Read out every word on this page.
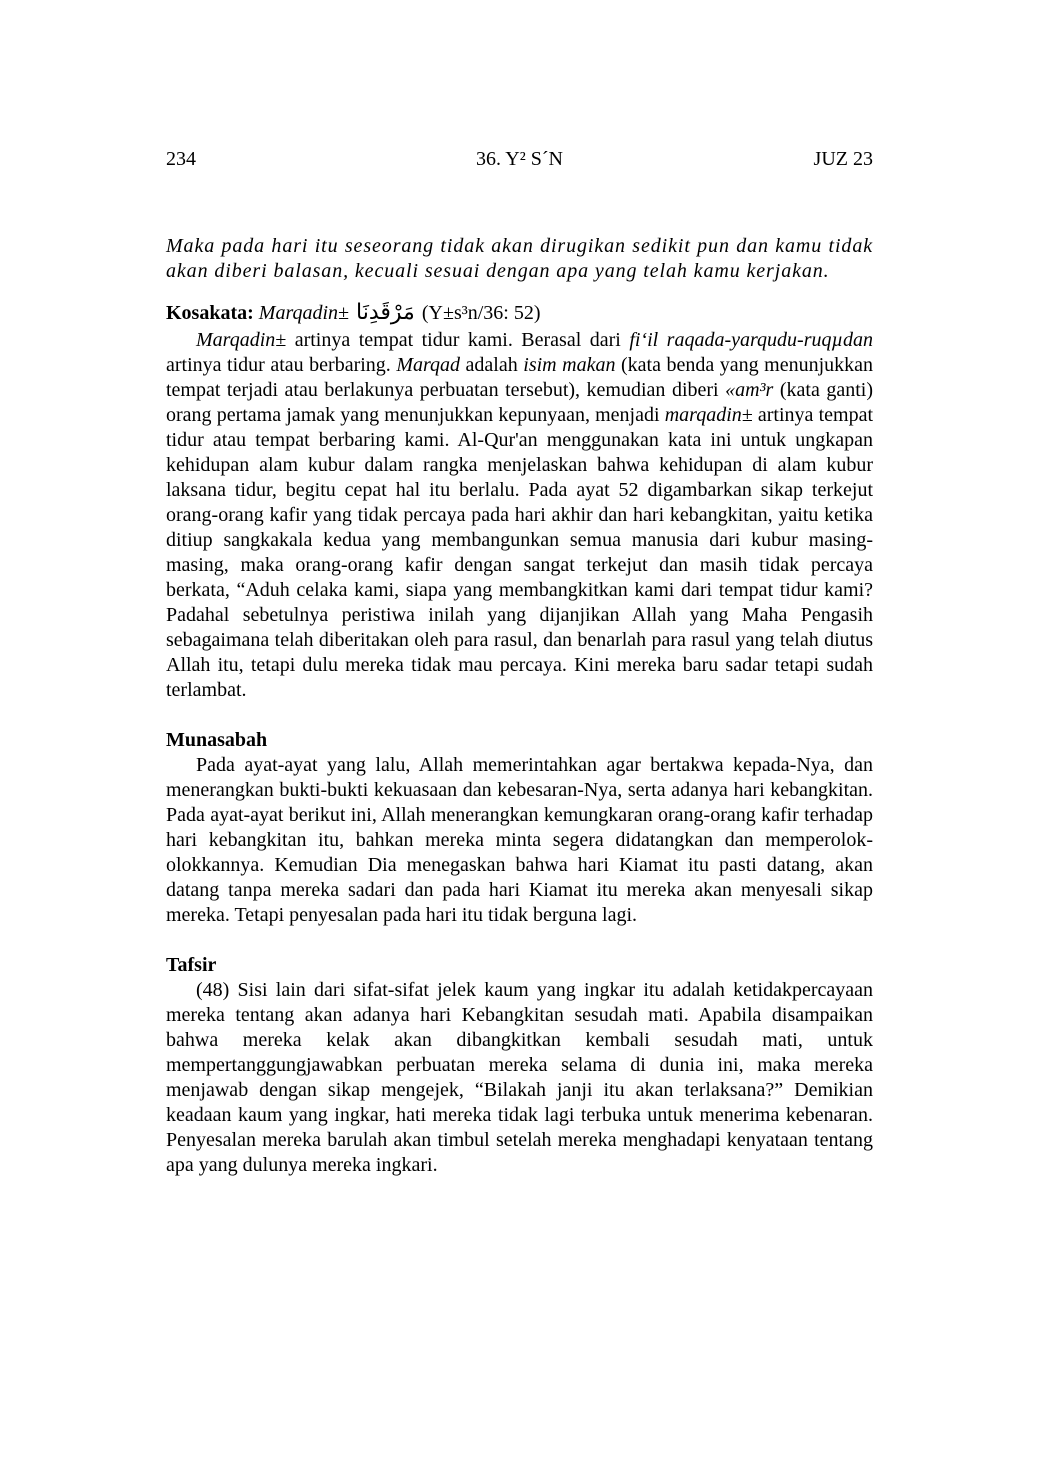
234	36. Y² S´N	JUZ 23

Maka pada hari itu seseorang tidak akan dirugikan sedikit pun dan kamu tidak akan diberi balasan, kecuali sesuai dengan apa yang telah kamu kerjakan.

Kosakata: Marqadin± مَرْقَدِنَا (Y±s³n/36: 52)

Marqadin± artinya tempat tidur kami. Berasal dari fi‘il raqada-yarqudu-ruqµdan artinya tidur atau berbaring. Marqad adalah isim makan (kata benda yang menunjukkan tempat terjadi atau berlakunya perbuatan tersebut), kemudian diberi «am³r (kata ganti) orang pertama jamak yang menunjukkan kepunyaan, menjadi marqadin± artinya tempat tidur atau tempat berbaring kami. Al-Qur'an menggunakan kata ini untuk ungkapan kehidupan alam kubur dalam rangka menjelaskan bahwa kehidupan di alam kubur laksana tidur, begitu cepat hal itu berlalu. Pada ayat 52 digambarkan sikap terkejut orang-orang kafir yang tidak percaya pada hari akhir dan hari kebangkitan, yaitu ketika ditiup sangkakala kedua yang membangunkan semua manusia dari kubur masing-masing, maka orang-orang kafir dengan sangat terkejut dan masih tidak percaya berkata, “Aduh celaka kami, siapa yang membangkitkan kami dari tempat tidur kami? Padahal sebetulnya peristiwa inilah yang dijanjikan Allah yang Maha Pengasih sebagaimana telah diberitakan oleh para rasul, dan benarlah para rasul yang telah diutus Allah itu, tetapi dulu mereka tidak mau percaya. Kini mereka baru sadar tetapi sudah terlambat.

Munasabah

Pada ayat-ayat yang lalu, Allah memerintahkan agar bertakwa kepada-Nya, dan menerangkan bukti-bukti kekuasaan dan kebesaran-Nya, serta adanya hari kebangkitan. Pada ayat-ayat berikut ini, Allah menerangkan kemungkaran orang-orang kafir terhadap hari kebangkitan itu, bahkan mereka minta segera didatangkan dan memperolok-olokkannya. Kemudian Dia menegaskan bahwa hari Kiamat itu pasti datang, akan datang tanpa mereka sadari dan pada hari Kiamat itu mereka akan menyesali sikap mereka. Tetapi penyesalan pada hari itu tidak berguna lagi.

Tafsir

(48) Sisi lain dari sifat-sifat jelek kaum yang ingkar itu adalah ketidakpercayaan mereka tentang akan adanya hari Kebangkitan sesudah mati. Apabila disampaikan bahwa mereka kelak akan dibangkitkan kembali sesudah mati, untuk mempertanggungjawabkan perbuatan mereka selama di dunia ini, maka mereka menjawab dengan sikap mengejek, “Bilakah janji itu akan terlaksana?” Demikian keadaan kaum yang ingkar, hati mereka tidak lagi terbuka untuk menerima kebenaran. Penyesalan mereka barulah akan timbul setelah mereka menghadapi kenyataan tentang apa yang dulunya mereka ingkari.
